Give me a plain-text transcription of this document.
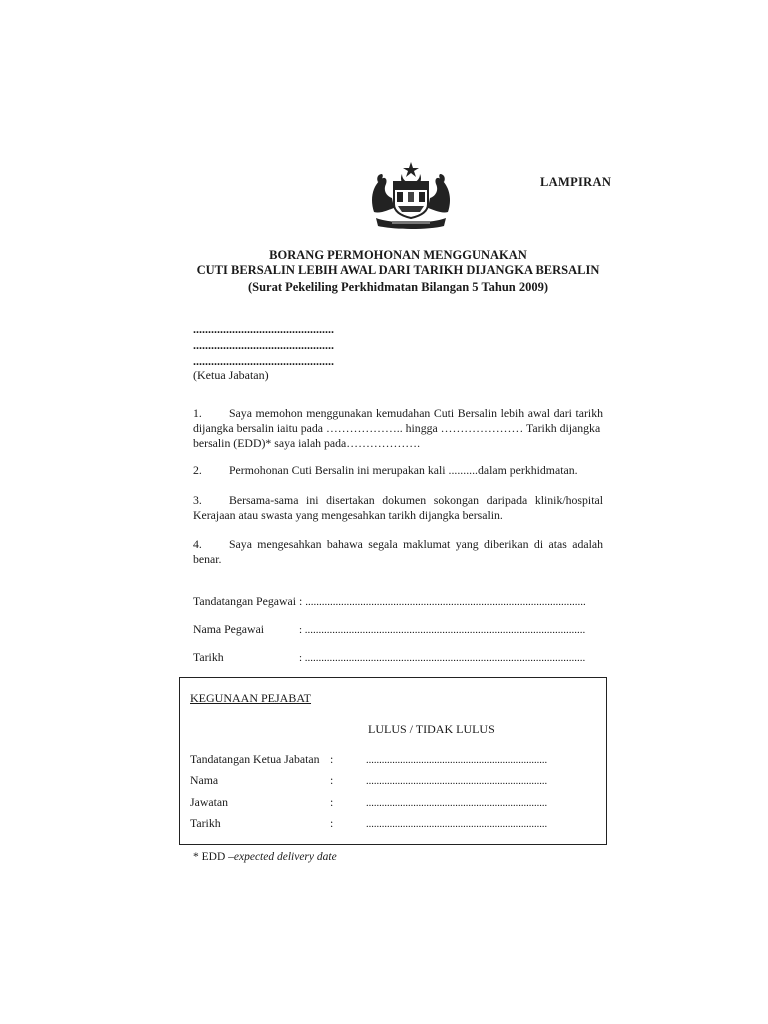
LAMPIRAN
BORANG PERMOHONAN MENGGUNAKAN
CUTI BERSALIN LEBIH AWAL DARI TARIKH DIJANGKA BERSALIN
(Surat Pekeliling Perkhidmatan Bilangan 5 Tahun 2009)
...............................................
...............................................
...............................................
(Ketua Jabatan)
1. Saya memohon menggunakan kemudahan Cuti Bersalin lebih awal dari tarikh
dijangka bersalin iaitu pada ……………….. hingga ………………… Tarikh dijangka
bersalin (EDD)* saya ialah pada……………….
2. Permohonan Cuti Bersalin ini merupakan kali ..........dalam perkhidmatan.
3. Bersama-sama ini disertakan dokumen sokongan daripada klinik/hospital
Kerajaan atau swasta yang mengesahkan tarikh dijangka bersalin.
4. Saya mengesahkan bahawa segala maklumat yang diberikan di atas adalah
benar.
Tandatangan Pegawai : ......................................................................................................
Nama Pegawai	: ......................................................................................................
Tarikh	: ......................................................................................................
KEGUNAAN PEJABAT
LULUS / TIDAK LULUS
Tandatangan Ketua Jabatan :	.....................................................................
Nama	:	.....................................................................
Jawatan	:	.....................................................................
Tarikh	:	.....................................................................
* EDD –expected delivery date
